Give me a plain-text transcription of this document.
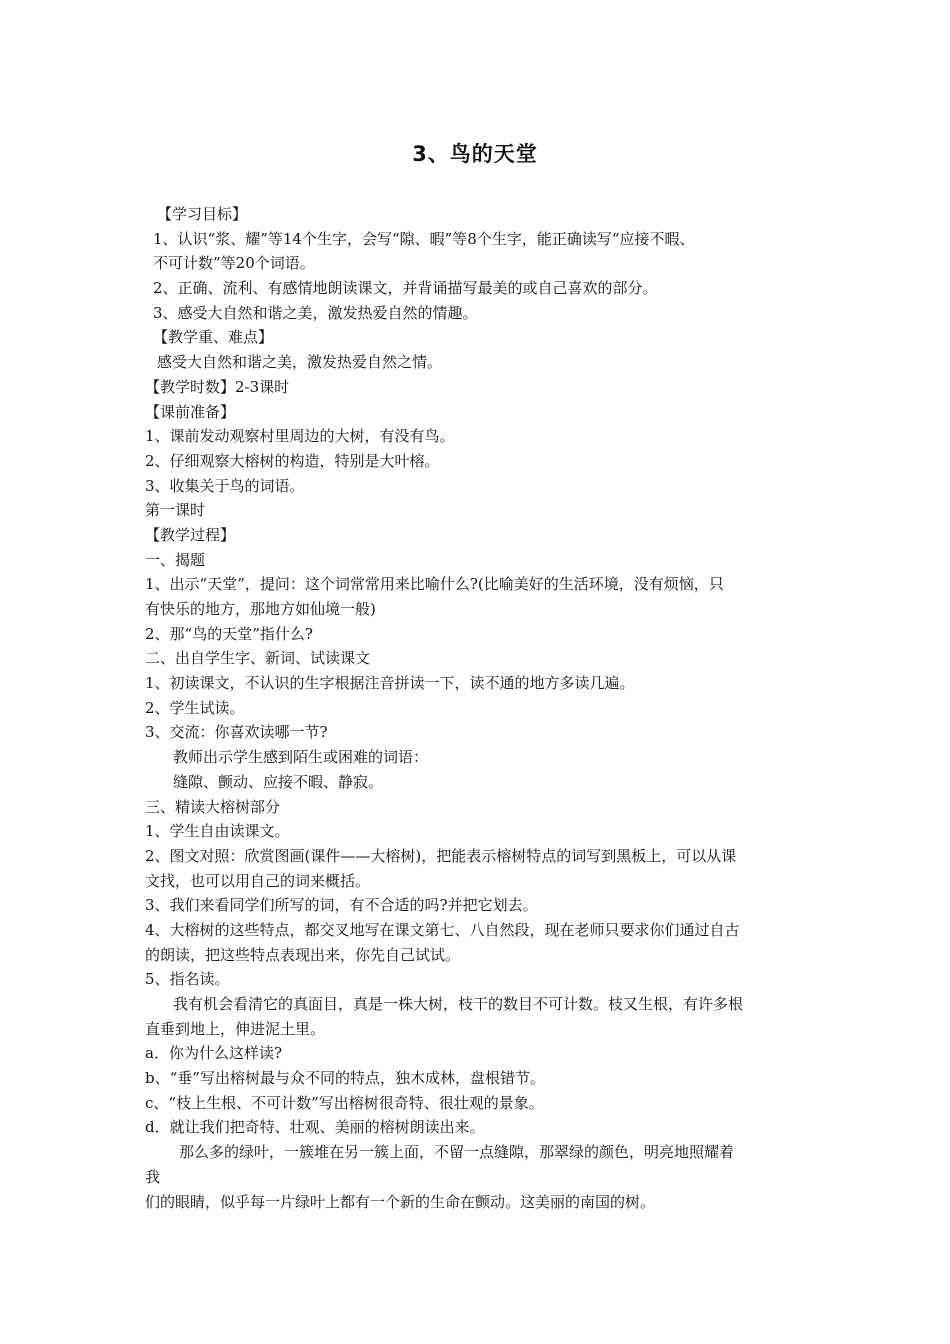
3、鸟的天堂
【学习目标】
1、认识“浆、耀”等14个生字，会写“隙、暇”等8个生字，能正确读写“应接不暇、
不可计数”等20个词语。
2、正确、流利、有感情地朗读课文，并背诵描写最美的或自己喜欢的部分。
3、感受大自然和谐之美，激发热爱自然的情趣。
【教学重、难点】
感受大自然和谐之美，激发热爱自然之情。
【教学时数】2-3课时
【课前准备】
1、课前发动观察村里周边的大树，有没有鸟。
2、仔细观察大榕树的构造，特别是大叶榕。
3、收集关于鸟的词语。
第一课时
【教学过程】
一、揭题
1、出示“天堂”，提问：这个词常常用来比喻什么?(比喻美好的生活环境，没有烦恼，只
有快乐的地方，那地方如仙境一般)
2、那“鸟的天堂”指什么?
二、出自学生字、新词、试读课文
1、初读课文，不认识的生字根据注音拼读一下，读不通的地方多读几遍。
2、学生试读。
3、交流：你喜欢读哪一节?
教师出示学生感到陌生或困难的词语：
缝隙、颤动、应接不暇、静寂。
三、精读大榕树部分
1、学生自由读课文。
2、图文对照：欣赏图画(课件——大榕树)，把能表示榕树特点的词写到黑板上，可以从课
文找，也可以用自己的词来概括。
3、我们来看同学们所写的词，有不合适的吗?并把它划去。
4、大榕树的这些特点，都交叉地写在课文第七、八自然段，现在老师只要求你们通过自古
的朗读，把这些特点表现出来，你先自己试试。
5、指名读。
我有机会看清它的真面目，真是一株大树，枝干的数目不可计数。枝又生根，有许多根
直垂到地上，伸进泥土里。
a．你为什么这样读?
b、“垂”写出榕树最与众不同的特点，独木成林，盘根错节。
c、“枝上生根、不可计数”写出榕树很奇特、很壮观的景象。
d．就让我们把奇特、壮观、美丽的榕树朗读出来。
那么多的绿叶，一簇堆在另一簇上面，不留一点缝隙，那翠绿的颜色，明亮地照耀着
我
们的眼睛，似乎每一片绿叶上都有一个新的生命在颤动。这美丽的南国的树。
